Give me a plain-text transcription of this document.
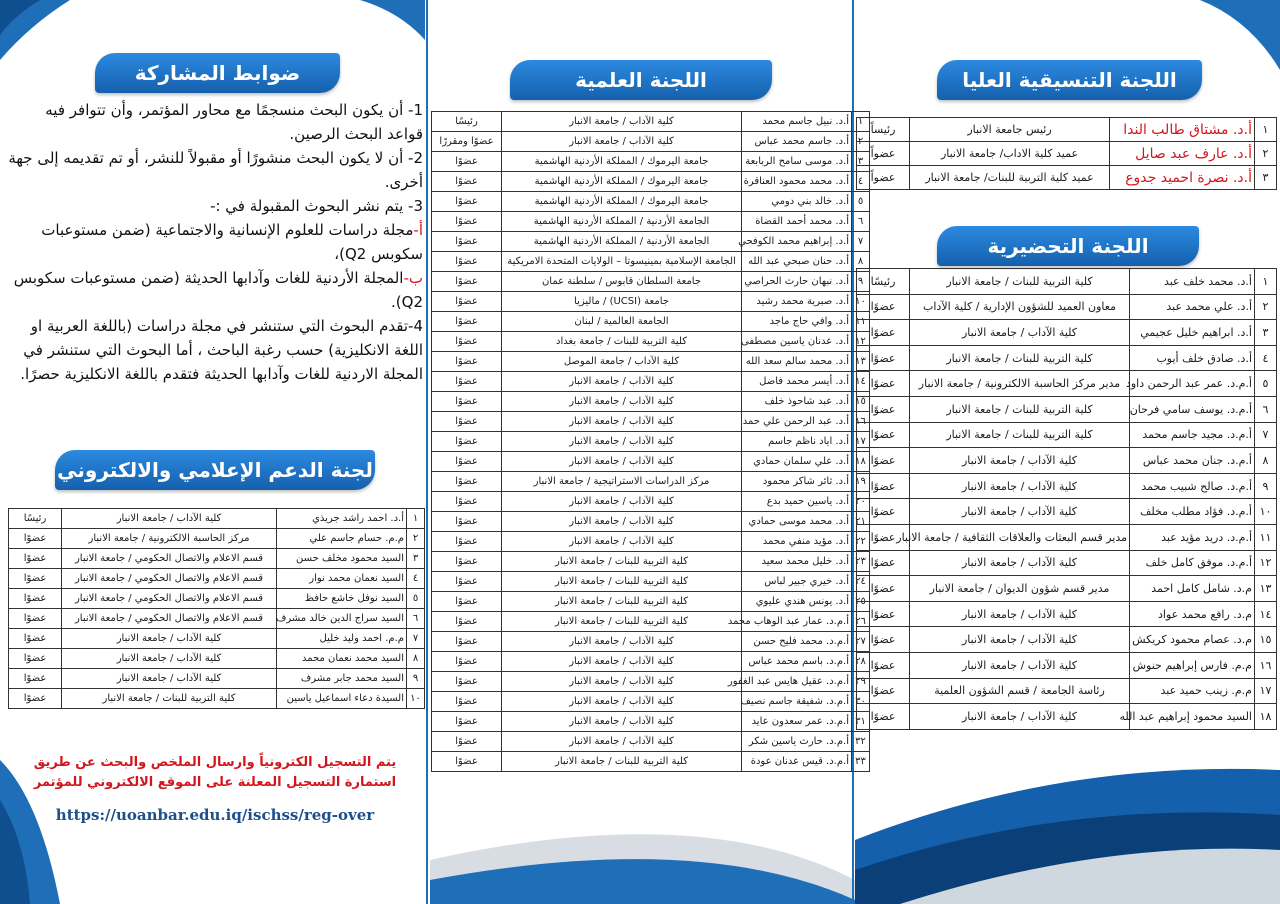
ضوابط المشاركة
1- أن يكون البحث منسجمًا مع محاور المؤتمر، وأن تتوافر فيه قواعد البحث الرصين.
2- أن لا يكون البحث منشورًا أو مقبولاً للنشر، أو تم تقديمه إلى جهة أخرى.
3- يتم نشر البحوث المقبولة في :-
أ-مجلة دراسات للعلوم الإنسانية والاجتماعية (ضمن مستوعبات سكوبس Q2)،
ب-المجلة الأردنية للغات وآدابها الحديثة (ضمن مستوعبات سكوبس Q2).
4-تقدم البحوث التي ستنشر في مجلة دراسات (باللغة العربية او اللغة الانكليزية) حسب رغبة الباحث ، أما البحوث التي ستنشر في المجلة الاردنية للغات وآدابها الحديثة فتقدم باللغة الانكليزية حصرًا.
لجنة الدعم الإعلامي والالكتروني
١	أ.د. احمد راشد جريذي	كلية الآداب / جامعة الانبار	رئيسًا
٢	م.م. حسام جاسم علي	مركز الحاسبة الالكترونية / جامعة الانبار	عضوًا
٣	السيد محمود مخلف حسن	قسم الاعلام والاتصال الحكومي / جامعة الانبار	عضوًا
٤	السيد نعمان محمد نوار	قسم الاعلام والاتصال الحكومي / جامعة الانبار	عضوًا
٥	السيد نوفل خاشع حافظ	قسم الاعلام والاتصال الحكومي / جامعة الانبار	عضوًا
٦	السيد سراج الدين خالد مشرف	قسم الاعلام والاتصال الحكومي / جامعة الانبار	عضوًا
٧	م.م. احمد وليد خليل	كلية الآداب / جامعة الانبار	عضوًا
٨	السيد محمد نعمان محمد	كلية الآداب / جامعة الانبار	عضوًا
٩	السيد محمد جابر مشرف	كلية الآداب / جامعة الانبار	عضوًا
١٠	السيدة دعاء اسماعيل ياسين	كلية التربية للبنات / جامعة الانبار	عضوًا
يتم التسجيل الكترونياً وارسال الملخص والبحث عن طريق
استمارة التسجيل المعلنة على الموقع الالكتروني للمؤتمر
https://uoanbar.edu.iq/ischss/reg-over
اللجنة العلمية
١	أ.د. نبيل جاسم محمد	كلية الآداب / جامعة الانبار	رئيسًا
٢	أ.د. جاسم محمد عباس	كلية الآداب / جامعة الانبار	عضوًا ومقررًا
٣	أ.د. موسى سامح الربابعة	جامعة اليرموك / المملكة الأردنية الهاشمية	عضوًا
٤	أ.د. محمد محمود العناقرة	جامعة اليرموك / المملكة الأردنية الهاشمية	عضوًا
٥	أ.د. خالد بني دومي	جامعة اليرموك / المملكة الأردنية الهاشمية	عضوًا
٦	أ.د. محمد أحمد القضاة	الجامعة الأردنية / المملكة الأردنية الهاشمية	عضوًا
٧	أ.د. إبراهيم محمد الكوفحي	الجامعة الأردنية / المملكة الأردنية الهاشمية	عضوًا
٨	أ.د. حنان صبحي عبد الله	الجامعة الإسلامية بمينيسوتا – الولايات المتحدة الامريكية	عضوًا
٩	أ.د. نبهان حارث الحراصي	جامعة السلطان قابوس / سلطنة عمان	عضوًا
١٠	أ.د. صبرية محمد رشيد	جامعة (UCSI) / ماليزيا	عضوًا
١١	أ.د. وافي حاج ماجد	الجامعة العالمية / لبنان	عضوًا
١٢	أ.د. عدنان ياسين مصطفى	كلية التربية للبنات / جامعة بغداد	عضوًا
١٣	أ.د. محمد سالم سعد الله	كلية الآداب / جامعة الموصل	عضوًا
١٤	أ.د. أيسر محمد فاضل	كلية الآداب / جامعة الانبار	عضوًا
١٥	أ.د. عبد شاحوذ خلف	كلية الآداب / جامعة الانبار	عضوًا
١٦	أ.د. عبد الرحمن علي حمد	كلية الآداب / جامعة الانبار	عضوًا
١٧	أ.د. اياد ناظم جاسم	كلية الآداب / جامعة الانبار	عضوًا
١٨	أ.د. علي سلمان حمادي	كلية الآداب / جامعة الانبار	عضوًا
١٩	أ.د. ثائر شاكر محمود	مركز الدراسات الاستراتيجية / جامعة الانبار	عضوًا
٢٠	أ.د. ياسين حميد بدع	كلية الآداب / جامعة الانبار	عضوًا
٢١	أ.د. محمد موسى حمادي	كلية الآداب / جامعة الانبار	عضوًا
٢٢	أ.د. مؤيد منفي محمد	كلية الآداب / جامعة الانبار	عضوًا
٢٣	أ.د. خليل محمد سعيد	كلية التربية للبنات / جامعة الانبار	عضوًا
٢٤	أ.د. خيري جبير لباس	كلية التربية للبنات / جامعة الانبار	عضوًا
٢٥	أ.د. يونس هندي عليوي	كلية التربية للبنات / جامعة الانبار	عضوًا
٢٦	أ.م.د. عمار عبد الوهاب محمد	كلية التربية للبنات / جامعة الانبار	عضوًا
٢٧	أ.م.د. محمد فليح حسن	كلية الآداب / جامعة الانبار	عضوًا
٢٨	أ.م.د. باسم محمد عباس	كلية الآداب / جامعة الانبار	عضوًا
٢٩	أ.م.د. عقيل هايس عبد الغفور	كلية الآداب / جامعة الانبار	عضوًا
٣٠	أ.م.د. شفيقة جاسم نصيف	كلية الآداب / جامعة الانبار	عضوًا
٣١	أ.م.د. عمر سعدون عايد	كلية الآداب / جامعة الانبار	عضوًا
٣٢	أ.م.د. حارث ياسين شكر	كلية الآداب / جامعة الانبار	عضوًا
٣٣	أ.م.د. قيس عدنان عودة	كلية التربية للبنات / جامعة الانبار	عضوًا
اللجنة التنسيقية العليا
١	أ.د. مشتاق طالب الندا	رئيس جامعة الانبار	رئيساً
٢	أ.د. عارف عبد صايل	عميد كلية الاداب/ جامعة الانبار	عضواً
٣	أ.د. نصرة احميد جدوع	عميد كلية التربية للبنات/ جامعة الانبار	عضواً
اللجنة التحضيرية
١	أ.د. محمد خلف عبد	كلية التربية للبنات / جامعة الانبار	رئيسًا
٢	أ.د. علي محمد عبد	معاون العميد للشؤون الإدارية / كلية الآداب	عضوًا
٣	أ.د. ابراهيم خليل عجيمي	كلية الآداب / جامعة الانبار	عضوًا
٤	أ.د. صادق خلف أيوب	كلية التربية للبنات / جامعة الانبار	عضوًا
٥	أ.م.د. عمر عبد الرحمن داود	مدير مركز الحاسبة الالكترونية / جامعة الانبار	عضوًا
٦	أ.م.د. يوسف سامي فرحان	كلية التربية للبنات / جامعة الانبار	عضوًا
٧	أ.م.د. مجيد جاسم محمد	كلية التربية للبنات / جامعة الانبار	عضوًا
٨	أ.م.د. جنان محمد عباس	كلية الآداب / جامعة الانبار	عضوًا
٩	أ.م.د. صالح شبيب محمد	كلية الآداب / جامعة الانبار	عضوًا
١٠	أ.م.د. فؤاد مطلب مخلف	كلية الآداب / جامعة الانبار	عضوًا
١١	أ.م.د. دريد مؤيد عبد	مدير قسم البعثات والعلاقات الثقافية / جامعة الانبار	عضوًا
١٢	أ.م.د. موفق كامل خلف	كلية الآداب / جامعة الانبار	عضوًا
١٣	م.د. شامل كامل احمد	مدير قسم شؤون الديوان / جامعة الانبار	عضوًا
١٤	م.د. رافع محمد عواد	كلية الآداب / جامعة الانبار	عضوًا
١٥	م.د. عصام محمود كريكش	كلية الآداب / جامعة الانبار	عضوًا
١٦	م.م. فارس إبراهيم حنوش	كلية الآداب / جامعة الانبار	عضوًا
١٧	م.م. زينب حميد عبد	رئاسة الجامعة / قسم الشؤون العلمية	عضوًا
١٨	السيد محمود إبراهيم عبد الله	كلية الآداب / جامعة الانبار	عضوًا
